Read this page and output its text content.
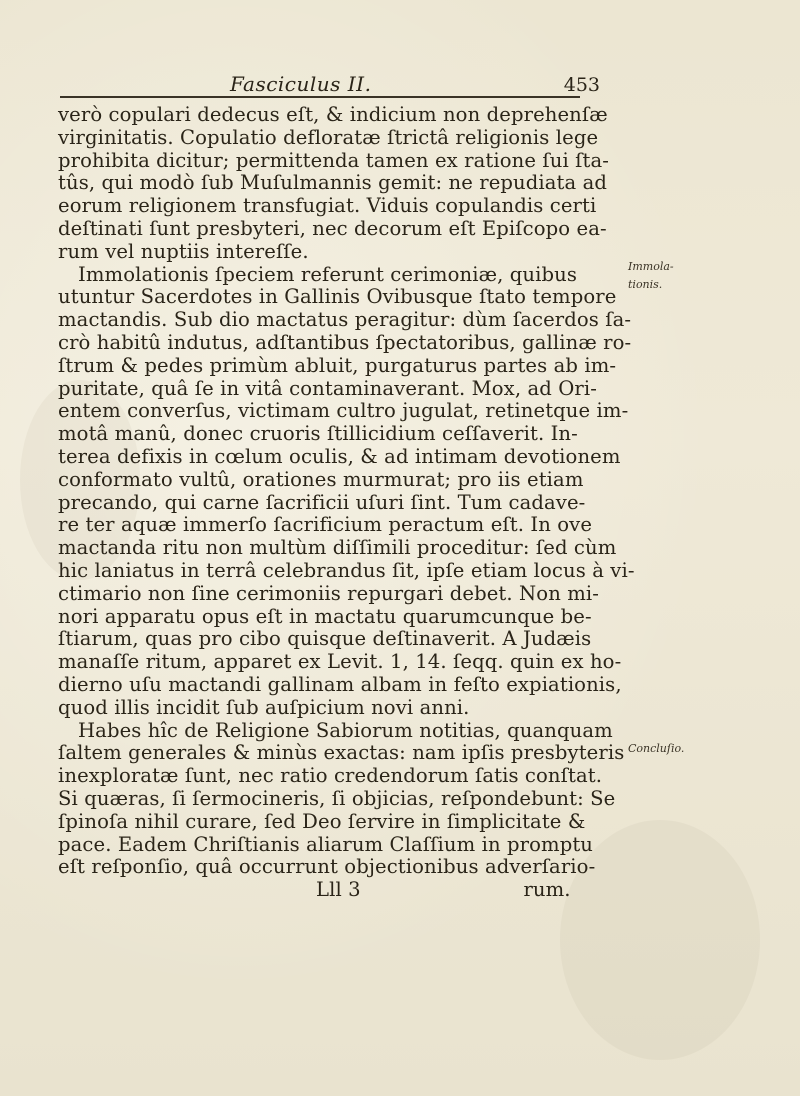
Fasciculus II.	453
verò copulari dedecus eſt, & indicium non deprehenſæ
virginitatis. Copulatio defloratæ ſtrictâ religionis lege
prohibita dicitur; permittenda tamen ex ratione ſui ſta-
tûs, qui modò ſub Muſulmannis gemit: ne repudiata ad
eorum religionem transfugiat. Viduis copulandis certi
deſtinati ſunt presbyteri, nec decorum eſt Epiſcopo ea-
rum vel nuptiis intereſſe.
Immolationis ſpeciem referunt cerimoniæ, quibus
utuntur Sacerdotes in Gallinis Ovibusque ſtato tempore
mactandis. Sub dio mactatus peragitur: dùm ſacerdos ſa-
crò habitû indutus, adſtantibus ſpectatoribus, gallinæ ro-
ſtrum & pedes primùm abluit, purgaturus partes ab im-
puritate, quâ ſe in vitâ contaminaverant. Mox, ad Ori-
entem converſus, victimam cultro jugulat, retinetque im-
motâ manû, donec cruoris ſtillicidium ceſſaverit. In-
terea defixis in cœlum oculis, & ad intimam devotionem
conformato vultû, orationes murmurat; pro iis etiam
precando, qui carne ſacrificii uſuri ſint. Tum cadave-
re ter aquæ immerſo ſacrificium peractum eſt. In ove
mactanda ritu non multùm diſſimili proceditur: ſed cùm
hic laniatus in terrâ celebrandus ſit, ipſe etiam locus à vi-
ctimario non ſine cerimoniis repurgari debet. Non mi-
nori apparatu opus eſt in mactatu quarumcunque be-
ſtiarum, quas pro cibo quisque deſtinaverit. A Judæis
manaſſe ritum, apparet ex Levit. 1, 14. ſeqq. quin ex ho-
dierno uſu mactandi gallinam albam in feſto expiationis,
quod illis incidit ſub auſpicium novi anni.
Habes hîc de Religione Sabiorum notitias, quanquam
ſaltem generales & minùs exactas: nam ipſis presbyteris
inexploratæ ſunt, nec ratio credendorum ſatis conſtat.
Si quæras, ſi ſermocineris, ſi objicias, reſpondebunt: Se
ſpinoſa nihil curare, ſed Deo ſervire in ſimplicitate &
pace. Eadem Chriſtianis aliarum Claſſium in promptu
eſt reſponſio, quâ occurrunt objectionibus adverſario-
Lll 3	rum.
Immola-
tionis.
Concluſio.
